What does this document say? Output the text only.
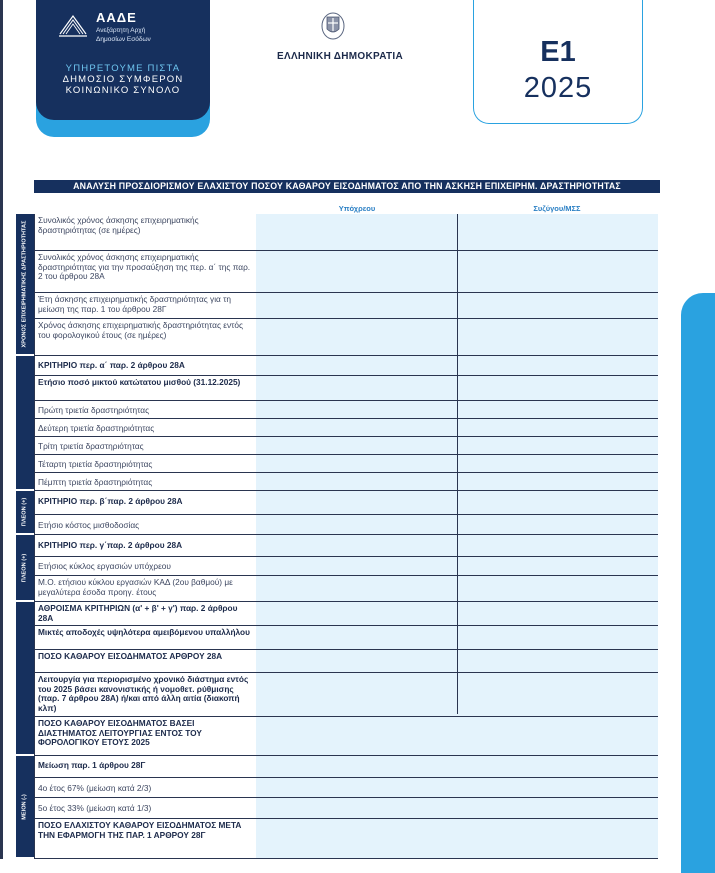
ΑΑΔΕ
Ανεξάρτητη Αρχή
Δημοσίων Εσόδων
ΥΠΗΡΕΤΟΥΜΕ ΠΙΣΤΑ
ΔΗΜΟΣΙΟ ΣΥΜΦΕΡΟΝ
ΚΟΙΝΩΝΙΚΟ ΣΥΝΟΛΟ
ΕΛΛΗΝΙΚΗ ΔΗΜΟΚΡΑΤΙΑ	Ε1
2025
ΑΝΑΛΥΣΗ ΠΡΟΣΔΙΟΡΙΣΜΟΥ ΕΛΑΧΙΣΤΟΥ ΠΟΣΟΥ ΚΑΘΑΡΟΥ ΕΙΣΟΔΗΜΑΤΟΣ ΑΠΟ ΤΗΝ ΑΣΚΗΣΗ ΕΠΙΧΕΙΡΗΜ. ΔΡΑΣΤΗΡΙΟΤΗΤΑΣ
Υπόχρεου	Συζύγου/ΜΣΣ
ΧΡΟΝΟΣ ΕΠΙΧΕΙΡΗΜΑΤΙΚΗΣ ΔΡΑΣΤΗΡΙΟΤΗΤΑΣ
ΠΛΕΟΝ (+)
ΠΛΕΟΝ (+)
ΜΕΙΟΝ (-)
Συνολικός χρόνος άσκησης επιχειρηματικής δραστηριότητας (σε ημέρες)
Συνολικός χρόνος άσκησης επιχειρηματικής δραστηριότητας για την προσαύξηση της περ. α΄ της παρ. 2 του άρθρου 28Α
Έτη άσκησης επιχειρηματικής δραστηριότητας για τη μείωση της παρ. 1 του άρθρου 28Γ
Χρόνος άσκησης επιχειρηματικής δραστηριότητας εντός του φορολογικού έτους (σε ημέρες)
ΚΡΙΤΗΡΙΟ περ. α΄ παρ. 2 άρθρου 28Α
Ετήσιο ποσό μικτού κατώτατου μισθού (31.12.2025)
Πρώτη τριετία δραστηριότητας
Δεύτερη τριετία δραστηριότητας
Τρίτη τριετία δραστηριότητας
Τέταρτη τριετία δραστηριότητας
Πέμπτη τριετία δραστηριότητας
ΚΡΙΤΗΡΙΟ περ. β΄παρ. 2 άρθρου 28Α
Ετήσιο κόστος μισθοδοσίας
ΚΡΙΤΗΡΙΟ περ. γ΄παρ. 2 άρθρου 28Α
Ετήσιος κύκλος εργασιών υπόχρεου
Μ.Ο. ετήσιου κύκλου εργασιών ΚΑΔ (2ου βαθμού) με μεγαλύτερα έσοδα προηγ. έτους
ΑΘΡΟΙΣΜΑ ΚΡΙΤΗΡΙΩΝ (α' + β' + γ') παρ. 2 άρθρου 28Α
Μικτές αποδοχές υψηλότερα αμειβόμενου υπαλλήλου
ΠΟΣΟ ΚΑΘΑΡΟΥ ΕΙΣΟΔΗΜΑΤΟΣ ΑΡΘΡΟΥ 28Α
Λειτουργία για περιορισμένο χρονικό διάστημα εντός του 2025 βάσει κανονιστικής ή νομοθετ. ρύθμισης (παρ. 7 άρθρου 28Α) ή/και από άλλη αιτία (διακοπή κλπ)
ΠΟΣΟ ΚΑΘΑΡΟΥ ΕΙΣΟΔΗΜΑΤΟΣ ΒΑΣΕΙ ΔΙΑΣΤΗΜΑΤΟΣ ΛΕΙΤΟΥΡΓΙΑΣ ΕΝΤΟΣ ΤΟΥ ΦΟΡΟΛΟΓΙΚΟΥ ΕΤΟΥΣ 2025
Μείωση παρ. 1 άρθρου 28Γ
4ο έτος 67% (μείωση κατά 2/3)
5ο έτος 33% (μείωση κατά 1/3)
ΠΟΣΟ ΕΛΑΧΙΣΤΟΥ ΚΑΘΑΡΟΥ ΕΙΣΟΔΗΜΑΤΟΣ ΜΕΤΑ ΤΗΝ ΕΦΑΡΜΟΓΗ ΤΗΣ ΠΑΡ. 1 ΑΡΘΡΟΥ 28Γ
